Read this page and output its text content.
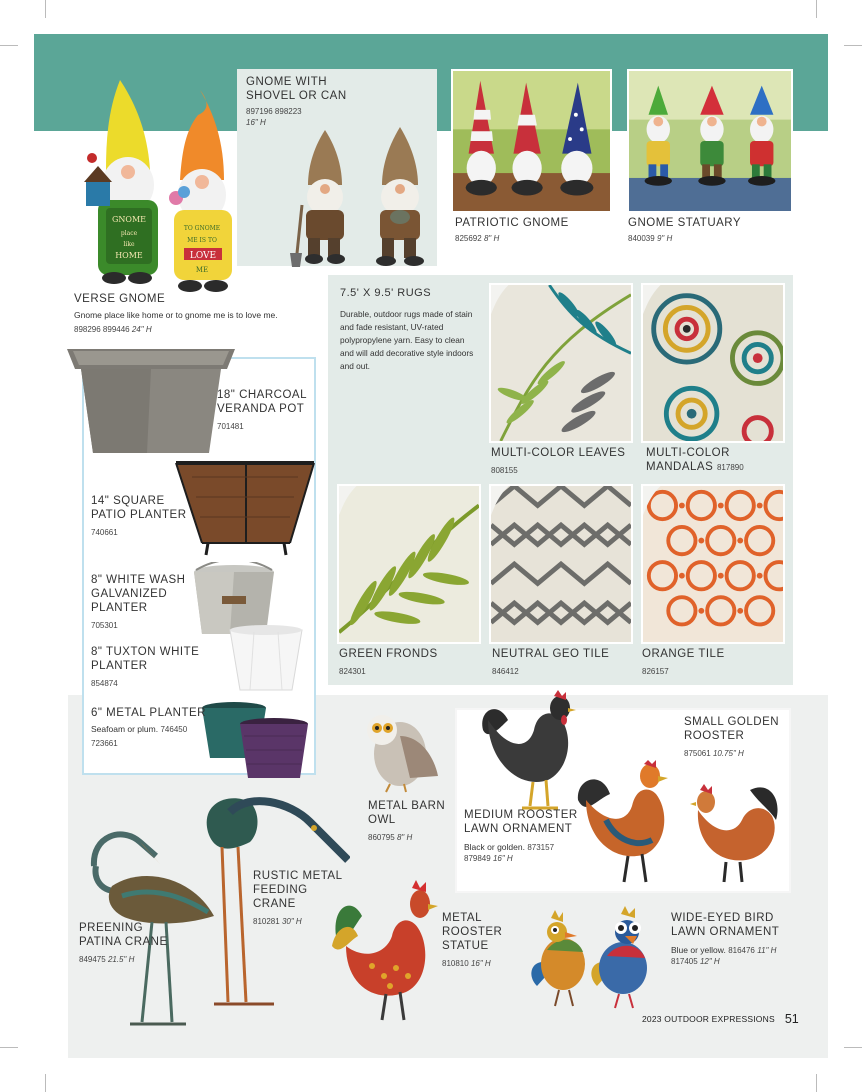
GNOME
place
like
HOME
TO GNOME
ME IS TO
LOVE
ME
VERSE GNOME
Gnome place like home or to gnome me is to love me.
898296 899446 24" H
GNOME WITH SHOVEL OR CAN
897196 898223
16" H
PATRIOTIC GNOME
825692 8" H
GNOME STATUARY
840039 9" H
7.5' X 9.5' RUGS
Durable, outdoor rugs made of stain and fade resistant, UV-rated polypropylene yarn. Easy to clean and will add decorative style indoors and out.
MULTI-COLOR LEAVES
808155
MULTI-COLOR MANDALAS 817890
GREEN FRONDS
824301
NEUTRAL GEO TILE
846412
ORANGE TILE
826157
18" CHARCOAL VERANDA POT
701481
14" SQUARE PATIO PLANTER
740661
8" WHITE WASH GALVANIZED PLANTER
705301
8" TUXTON WHITE PLANTER
854874
6" METAL PLANTER
Seafoam or plum. 746450
723661
METAL BARN OWL
860795 8" H
MEDIUM ROOSTER LAWN ORNAMENT
Black or golden. 873157
879849 16" H
SMALL GOLDEN ROOSTER
875061 10.75" H
RUSTIC METAL FEEDING CRANE
810281 30" H
PREENING PATINA CRANE
849475 21.5" H
METAL ROOSTER STATUE
810810 16" H
WIDE-EYED BIRD LAWN ORNAMENT
Blue or yellow. 816476 11" H
817405 12" H
2023 OUTDOOR EXPRESSIONS 51
